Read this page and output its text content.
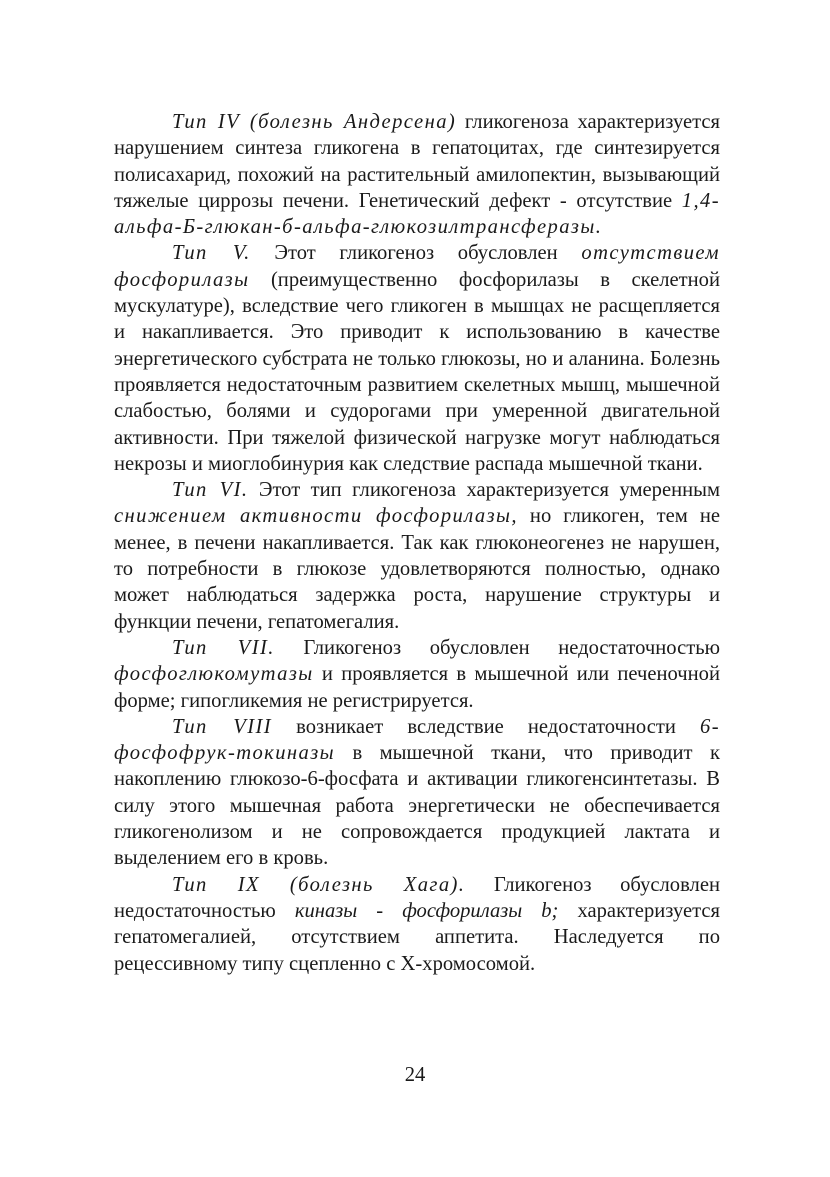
Тип IV (болезнь Андерсена) гликогеноза характеризуется нарушением синтеза гликогена в гепатоцитах, где синтезируется полисахарид, похожий на растительный амилопектин, вызывающий тяжелые циррозы печени. Генетический дефект - отсутствие 1,4-альфа-Б-глюкан-б-альфа-глюкозилтрансферазы.

Тип V. Этот гликогеноз обусловлен отсутствием фосфорилазы (преимущественно фосфорилазы в скелетной мускулатуре), вследствие чего гликоген в мышцах не расщепляется и накапливается. Это приводит к использованию в качестве энергетического субстрата не только глюкозы, но и аланина. Болезнь проявляется недостаточным развитием скелетных мышц, мышечной слабостью, болями и судорогами при умеренной двигательной активности. При тяжелой физической нагрузке могут наблюдаться некрозы и миоглобинурия как следствие распада мышечной ткани.

Тип VI. Этот тип гликогеноза характеризуется умеренным снижением активности фосфорилазы, но гликоген, тем не менее, в печени накапливается. Так как глюконеогенез не нарушен, то потребности в глюкозе удовлетворяются полностью, однако может наблюдаться задержка роста, нарушение структуры и функции печени, гепатомегалия.

Тип VII. Гликогеноз обусловлен недостаточностью фосфоглюкомутазы и проявляется в мышечной или печеночной форме; гипогликемия не регистрируется.

Тип VIII возникает вследствие недостаточности 6-фосфофрук-токиназы в мышечной ткани, что приводит к накоплению глюкозо-6-фосфата и активации гликогенсинтетазы. В силу этого мышечная работа энергетически не обеспечивается гликогенолизом и не сопровождается продукцией лактата и выделением его в кровь.

Тип IX (болезнь Хага). Гликогеноз обусловлен недостаточностью киназы - фосфорилазы b; характеризуется гепатомегалией, отсутствием аппетита. Наследуется по рецессивному типу сцепленно с Х-хромосомой.

24
